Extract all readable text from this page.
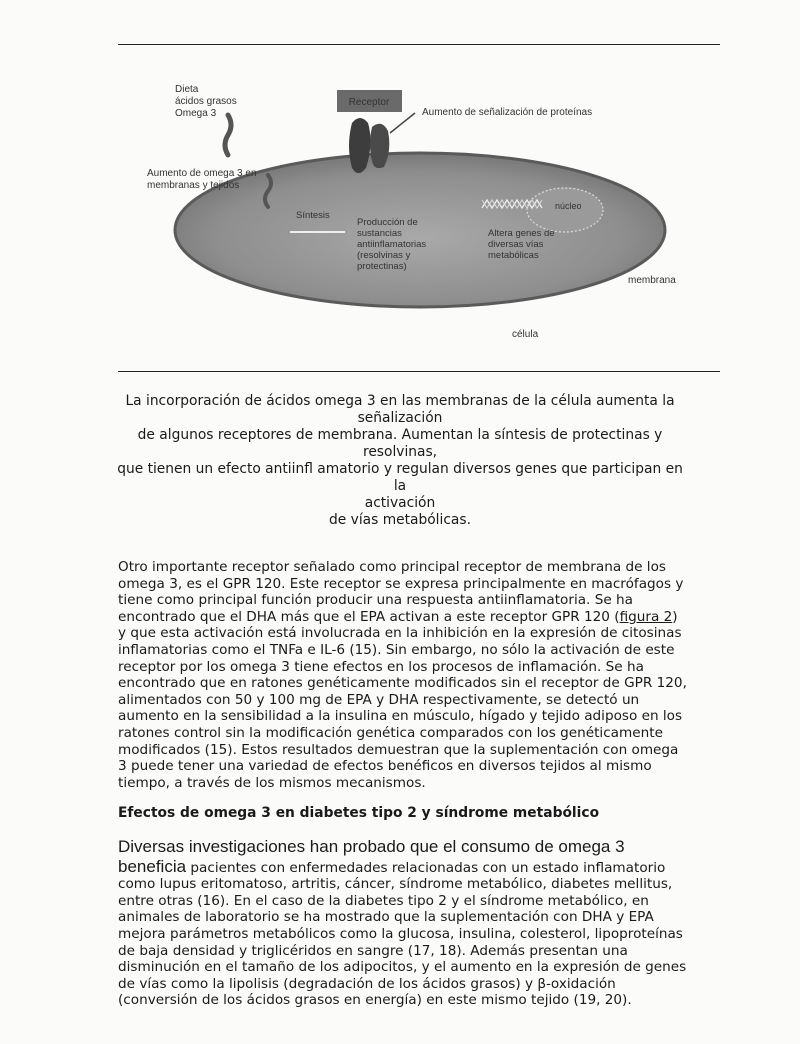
Receptor
Dieta
ácidos grasos
Omega 3	Aumento de señalización de proteínas
Aumento de omega 3 en
membranas y tejidos
Síntesis
Producción de
sustancias
antiinflamatorias
(resolvinas y
protectinas)
núcleo
Altera genes de
diversas vías
metabólicas
membrana
célula
La incorporación de ácidos omega 3 en las membranas de la célula aumenta la
señalización
de algunos receptores de membrana. Aumentan la síntesis de protectinas y
resolvinas,
que tienen un efecto antiinfl amatorio y regulan diversos genes que participan en la
activación
de vías metabólicas.
Otro importante receptor señalado como principal receptor de membrana de los omega 3, es el GPR 120. Este receptor se expresa principalmente en macrófagos y tiene como principal función producir una respuesta antiinflamatoria. Se ha encontrado que el DHA más que el EPA activan a este receptor GPR 120 (figura 2) y que esta activación está involucrada en la inhibición en la expresión de citosinas inflamatorias como el TNFa e IL-6 (15). Sin embargo, no sólo la activación de este receptor por los omega 3 tiene efectos en los procesos de inflamación. Se ha encontrado que en ratones genéticamente modificados sin el receptor de GPR 120, alimentados con 50 y 100 mg de EPA y DHA respectivamente, se detectó un aumento en la sensibilidad a la insulina en músculo, hígado y tejido adiposo en los ratones control sin la modificación genética comparados con los genéticamente modificados (15). Estos resultados demuestran que la suplementación con omega 3 puede tener una variedad de efectos benéficos en diversos tejidos al mismo tiempo, a través de los mismos mecanismos.
Efectos de omega 3 en diabetes tipo 2 y síndrome metabólico
Diversas investigaciones han probado que el consumo de omega 3 beneficia pacientes con enfermedades relacionadas con un estado inflamatorio como lupus eritomatoso, artritis, cáncer, síndrome metabólico, diabetes mellitus, entre otras (16). En el caso de la diabetes tipo 2 y el síndrome metabólico, en animales de laboratorio se ha mostrado que la suplementación con DHA y EPA mejora parámetros metabólicos como la glucosa, insulina, colesterol, lipoproteínas de baja densidad y triglicéridos en sangre (17, 18). Además presentan una disminución en el tamaño de los adipocitos, y el aumento en la expresión de genes de vías como la lipolisis (degradación de los ácidos grasos) y β-oxidación (conversión de los ácidos grasos en energía) en este mismo tejido (19, 20).
